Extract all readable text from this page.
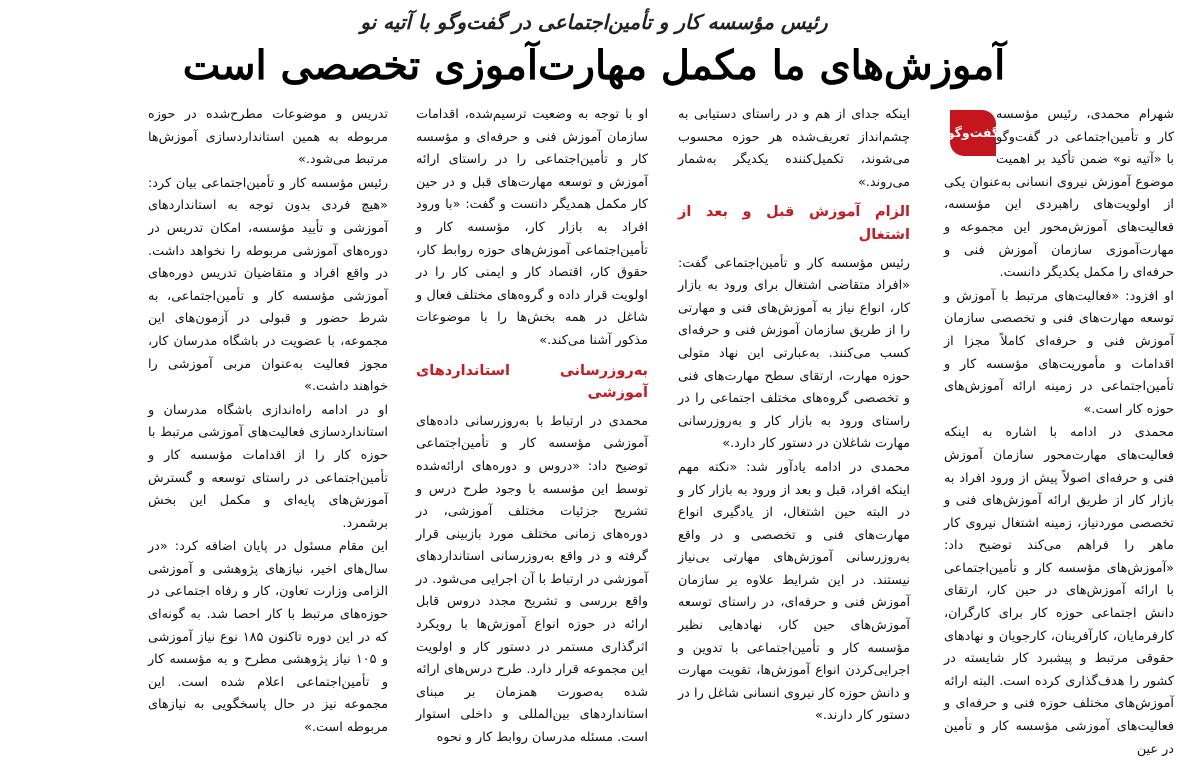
رئیس مؤسسه کار و تأمین‌اجتماعی در گفت‌وگو با آتیه نو
آموزش‌های ما مکمل مهارت‌آموزی تخصصی است
گفت‌وگو

شهرام محمدی، رئیس مؤسسه کار و تأمین‌اجتماعی در گفت‌وگو با «آتیه نو» ضمن تأکید بر اهمیت موضوع آموزش نیروی انسانی به‌عنوان یکی از اولویت‌های راهبردی این مؤسسه، فعالیت‌های آموزش‌محور این مجموعه و مهارت‌آموزی سازمان آموزش فنی و حرفه‌ای را مکمل یکدیگر دانست.

او افزود: «فعالیت‌های مرتبط با آموزش و توسعه مهارت‌های فنی و تخصصی سازمان آموزش فنی و حرفه‌ای کاملاً مجزا از اقدامات و مأموریت‌های مؤسسه کار و تأمین‌اجتماعی در زمینه ارائه آموزش‌های حوزه کار است.»

محمدی در ادامه با اشاره به اینکه فعالیت‌های مهارت‌محور سازمان آموزش فنی و حرفه‌ای اصولاً پیش از ورود افراد به بازار کار از طریق ارائه آموزش‌های فنی و تخصصی موردنیاز، زمینه اشتغال نیروی کار ماهر را فراهم می‌کند توضیح داد: «آموزش‌های مؤسسه کار و تأمین‌اجتماعی با ارائه آموزش‌های در حین کار، ارتقای دانش اجتماعی حوزه کار برای کارگران، کارفرمایان، کارآفرینان، کارجویان و نهادهای حقوقی مرتبط و پیشبرد کار شایسته در کشور را هدف‌گذاری کرده است. البته ارائه آموزش‌های مختلف حوزه فنی و حرفه‌ای و فعالیت‌های آموزشی مؤسسه کار و تأمین در عین

اینکه جدای از هم و در راستای دستیابی به چشم‌انداز تعریف‌شده هر حوزه محسوب می‌شوند، تکمیل‌کننده یکدیگر به‌شمار می‌روند.»

الزام آموزش قبل و بعد از اشتغال

رئیس مؤسسه کار و تأمین‌اجتماعی گفت: «افراد متقاضی اشتغال برای ورود به بازار کار، انواع نیاز به آموزش‌های فنی و مهارتی را از طریق سازمان آموزش فنی و حرفه‌ای کسب می‌کنند. به‌عبارتی این نهاد متولی حوزه مهارت، ارتقای سطح مهارت‌های فنی و تخصصی گروه‌های مختلف اجتماعی را در راستای ورود به بازار کار و به‌روزرسانی مهارت شاغلان در دستور کار دارد.»

محمدی در ادامه یادآور شد: «نکته مهم اینکه افراد، قبل و بعد از ورود به بازار کار و در البته حین اشتغال، از یادگیری انواع مهارت‌های فنی و تخصصی و در واقع به‌روزرسانی آموزش‌های مهارتی بی‌نیاز نیستند. در این شرایط علاوه بر سازمان آموزش فنی و حرفه‌ای، در راستای توسعه آموزش‌های حین کار، نهادهایی نظیر مؤسسه کار و تأمین‌اجتماعی با تدوین و اجرایی‌کردن انواع آموزش‌ها، تقویت مهارت و دانش حوزه کار نیروی انسانی شاغل را در دستور کار دارند.»

او با توجه به وضعیت ترسیم‌شده، اقدامات سازمان آموزش فنی و حرفه‌ای و مؤسسه کار و تأمین‌اجتماعی را در راستای ارائه آموزش و توسعه مهارت‌های قبل و در حین کار مکمل همدیگر دانست و گفت: «با ورود افراد به بازار کار، مؤسسه کار و تأمین‌اجتماعی آموزش‌های حوزه روابط کار، حقوق کار، اقتصاد کار و ایمنی کار را در اولویت قرار داده و گروه‌های مختلف فعال و شاغل در همه بخش‌ها را با موضوعات مذکور آشنا می‌کند.»

به‌روزرسانی استانداردهای آموزشی

محمدی در ارتباط با به‌روزرسانی داده‌های آموزشی مؤسسه کار و تأمین‌اجتماعی توضیح داد: «دروس و دوره‌های ارائه‌شده توسط این مؤسسه با وجود طرح درس و تشریح جزئیات مختلف آموزشی، در دوره‌های زمانی مختلف مورد بازبینی قرار گرفته و در واقع به‌روزرسانی استانداردهای آموزشی در ارتباط با آن اجرایی می‌شود. در واقع بررسی و تشریح مجدد دروس قابل ارائه در حوزه انواع آموزش‌ها با رویکرد اثرگذاری مستمر در دستور کار و اولویت این مجموعه قرار دارد. طرح درس‌های ارائه شده به‌صورت همزمان بر مبنای استانداردهای بین‌المللی و داخلی استوار است. مسئله مدرسان روابط کار و نحوه

تدریس و موضوعات مطرح‌شده در حوزه مربوطه به همین استانداردسازی آموزش‌ها مرتبط می‌شود.»

رئیس مؤسسه کار و تأمین‌اجتماعی بیان کرد: «هیچ فردی بدون توجه به استانداردهای آموزشی و تأیید مؤسسه، امکان تدریس در دوره‌های آموزشی مربوطه را نخواهد داشت. در واقع افراد و متقاضیان تدریس دوره‌های آموزشی مؤسسه کار و تأمین‌اجتماعی، به شرط حضور و قبولی در آزمون‌های این مجموعه، با عضویت در باشگاه مدرسان کار، مجوز فعالیت به‌عنوان مربی آموزشی را خواهند داشت.»

او در ادامه راه‌اندازی باشگاه مدرسان و استانداردسازی فعالیت‌های آموزشی مرتبط با حوزه کار را از اقدامات مؤسسه کار و تأمین‌اجتماعی در راستای توسعه و گسترش آموزش‌های پایه‌ای و مکمل این بخش برشمرد.

این مقام مسئول در پایان اضافه کرد: «در سال‌های اخیر، نیازهای پژوهشی و آموزشی الزامی وزارت تعاون، کار و رفاه اجتماعی در حوزه‌های مرتبط با کار احصا شد. به گونه‌ای که در این دوره تاکنون ۱۸۵ نوع نیاز آموزشی و ۱۰۵ نیاز پژوهشی مطرح و به مؤسسه کار و تأمین‌اجتماعی اعلام شده است. این مجموعه نیز در حال پاسخگویی به نیازهای مربوطه است.»
